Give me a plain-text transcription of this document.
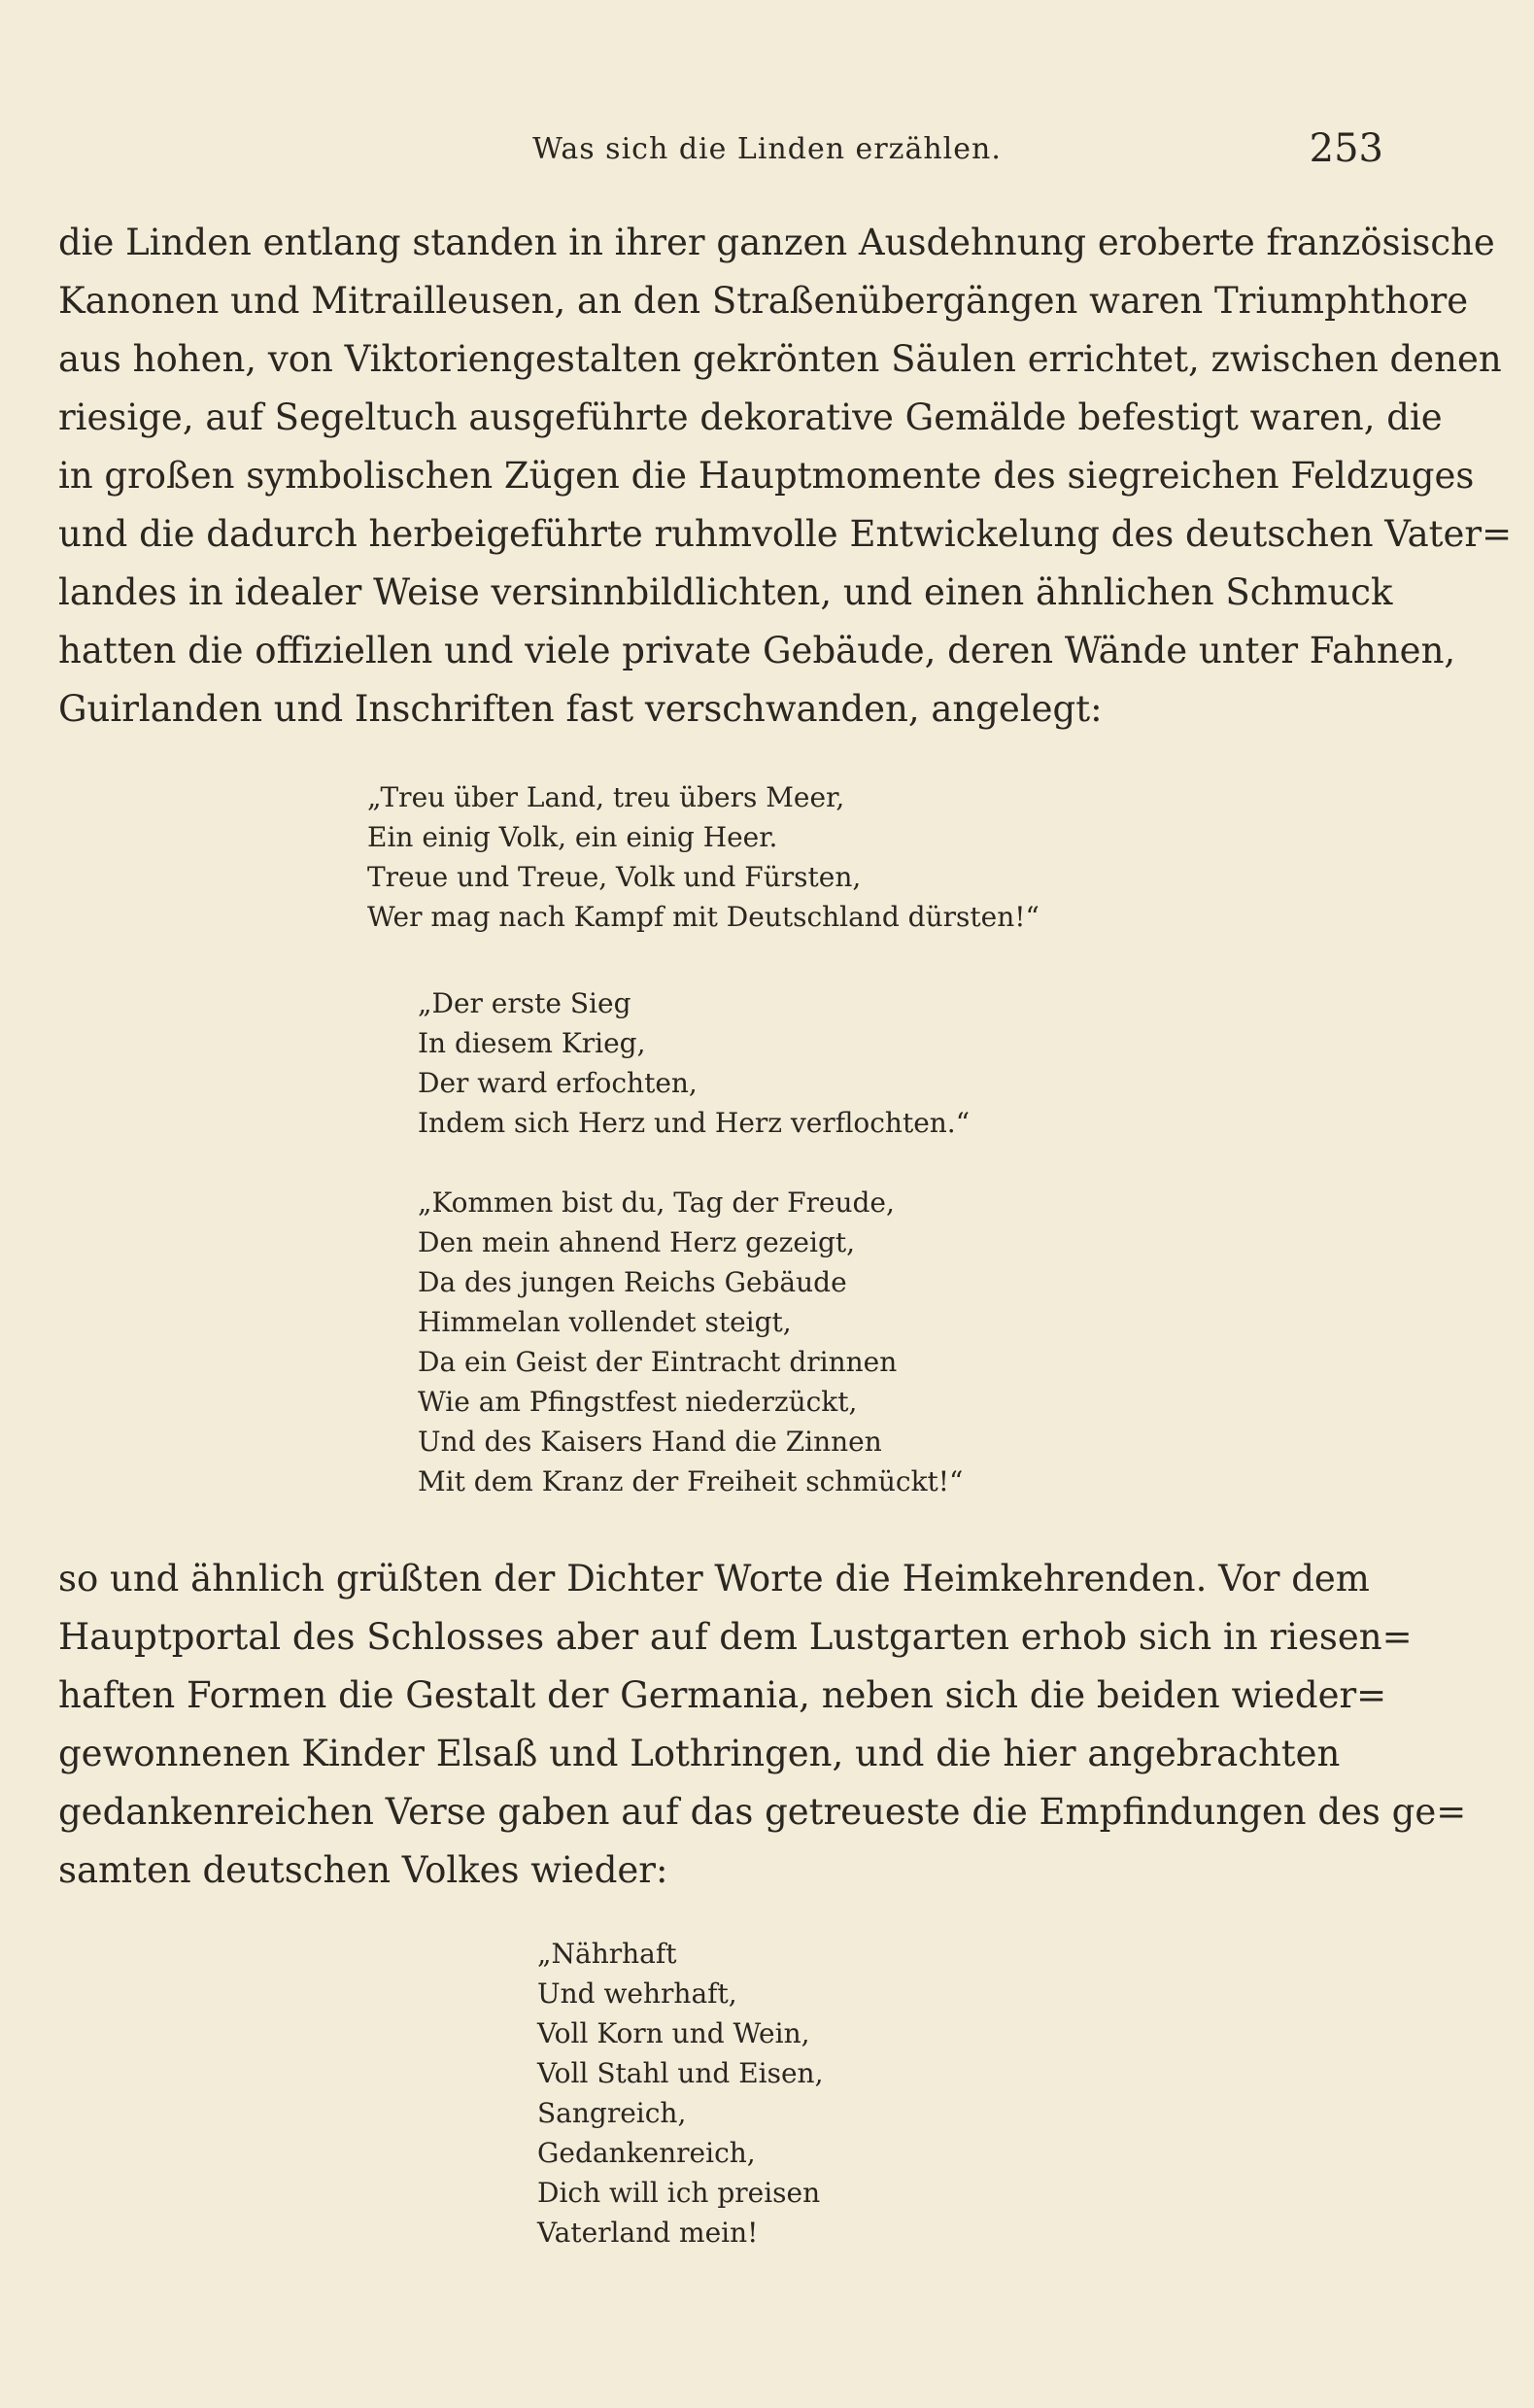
Was sich die Linden erzählen.	253
die Linden entlang standen in ihrer ganzen Ausdehnung eroberte französische
Kanonen und Mitrailleusen, an den Straßenübergängen waren Triumphthore
aus hohen, von Viktoriengestalten gekrönten Säulen errichtet, zwischen denen
riesige, auf Segeltuch ausgeführte dekorative Gemälde befestigt waren, die
in großen symbolischen Zügen die Hauptmomente des siegreichen Feldzuges
und die dadurch herbeigeführte ruhmvolle Entwickelung des deutschen Vater=
landes in idealer Weise versinnbildlichten, und einen ähnlichen Schmuck
hatten die offiziellen und viele private Gebäude, deren Wände unter Fahnen,
Guirlanden und Inschriften fast verschwanden, angelegt:
„Treu über Land, treu übers Meer,
Ein einig Volk, ein einig Heer.
Treue und Treue, Volk und Fürsten,
Wer mag nach Kampf mit Deutschland dürsten!“
„Der erste Sieg
In diesem Krieg,
Der ward erfochten,
Indem sich Herz und Herz verflochten.“
„Kommen bist du, Tag der Freude,
Den mein ahnend Herz gezeigt,
Da des jungen Reichs Gebäude
Himmelan vollendet steigt,
Da ein Geist der Eintracht drinnen
Wie am Pfingstfest niederzückt,
Und des Kaisers Hand die Zinnen
Mit dem Kranz der Freiheit schmückt!“
so und ähnlich grüßten der Dichter Worte die Heimkehrenden. Vor dem
Hauptportal des Schlosses aber auf dem Lustgarten erhob sich in riesen=
haften Formen die Gestalt der Germania, neben sich die beiden wieder=
gewonnenen Kinder Elsaß und Lothringen, und die hier angebrachten
gedankenreichen Verse gaben auf das getreueste die Empfindungen des ge=
samten deutschen Volkes wieder:
„Nährhaft
Und wehrhaft,
Voll Korn und Wein,
Voll Stahl und Eisen,
Sangreich,
Gedankenreich,
Dich will ich preisen
Vaterland mein!
